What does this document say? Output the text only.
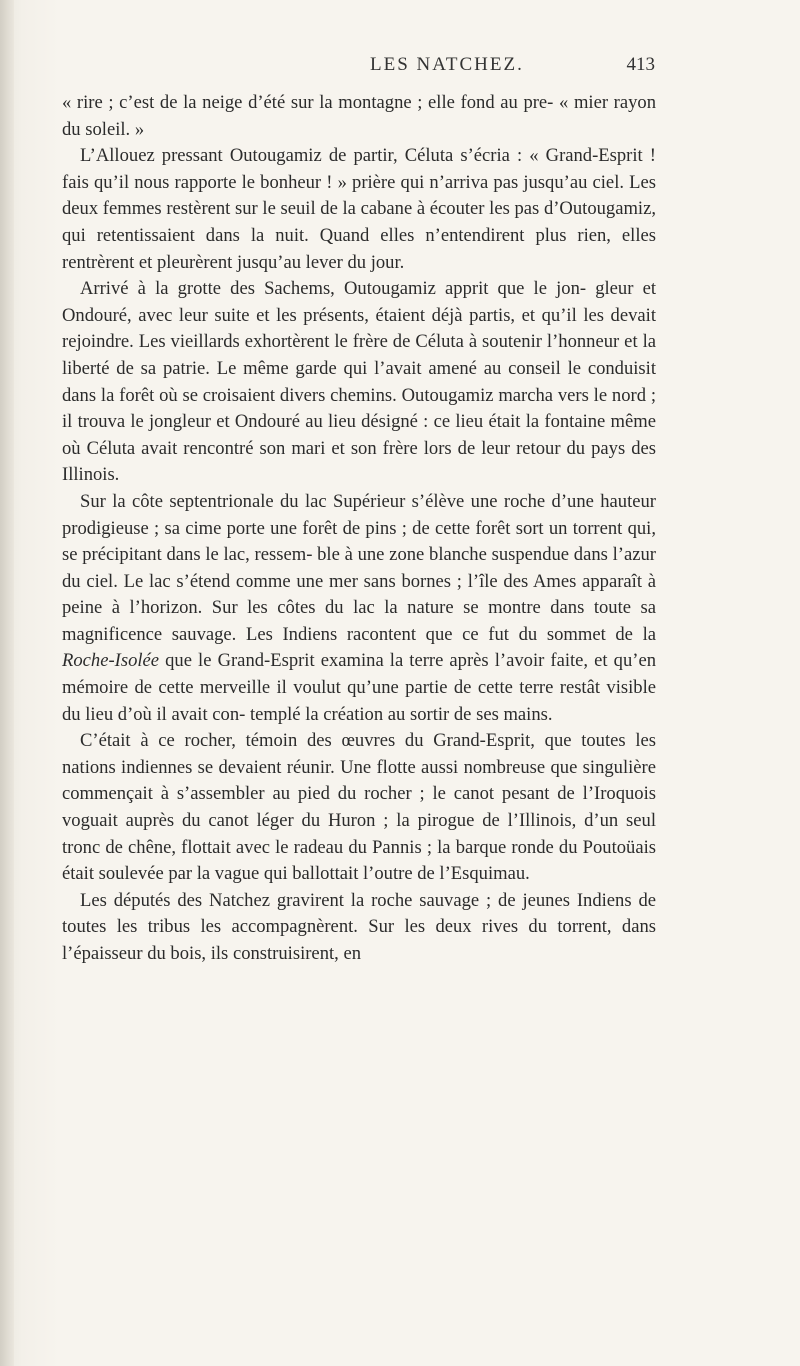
LES NATCHEZ.	413

« rire ; c’est de la neige d’été sur la montagne ; elle fond au pre- « mier rayon du soleil. »

L’Allouez pressant Outougamiz de partir, Céluta s’écria : « Grand-Esprit ! fais qu’il nous rapporte le bonheur ! » prière qui n’arriva pas jusqu’au ciel. Les deux femmes restèrent sur le seuil de la cabane à écouter les pas d’Outougamiz, qui retentissaient dans la nuit. Quand elles n’entendirent plus rien, elles rentrèrent et pleurèrent jusqu’au lever du jour.

Arrivé à la grotte des Sachems, Outougamiz apprit que le jon- gleur et Ondouré, avec leur suite et les présents, étaient déjà partis, et qu’il les devait rejoindre. Les vieillards exhortèrent le frère de Céluta à soutenir l’honneur et la liberté de sa patrie. Le même garde qui l’avait amené au conseil le conduisit dans la forêt où se croisaient divers chemins. Outougamiz marcha vers le nord ; il trouva le jongleur et Ondouré au lieu désigné : ce lieu était la fontaine même où Céluta avait rencontré son mari et son frère lors de leur retour du pays des Illinois.

Sur la côte septentrionale du lac Supérieur s’élève une roche d’une hauteur prodigieuse ; sa cime porte une forêt de pins ; de cette forêt sort un torrent qui, se précipitant dans le lac, ressem- ble à une zone blanche suspendue dans l’azur du ciel. Le lac s’étend comme une mer sans bornes ; l’île des Ames apparaît à peine à l’horizon. Sur les côtes du lac la nature se montre dans toute sa magnificence sauvage. Les Indiens racontent que ce fut du sommet de la Roche-Isolée que le Grand-Esprit examina la terre après l’avoir faite, et qu’en mémoire de cette merveille il voulut qu’une partie de cette terre restât visible du lieu d’où il avait con- templé la création au sortir de ses mains.

C’était à ce rocher, témoin des œuvres du Grand-Esprit, que toutes les nations indiennes se devaient réunir. Une flotte aussi nombreuse que singulière commençait à s’assembler au pied du rocher ; le canot pesant de l’Iroquois voguait auprès du canot léger du Huron ; la pirogue de l’Illinois, d’un seul tronc de chêne, flottait avec le radeau du Pannis ; la barque ronde du Poutoüais était soulevée par la vague qui ballottait l’outre de l’Esquimau.

Les députés des Natchez gravirent la roche sauvage ; de jeunes Indiens de toutes les tribus les accompagnèrent. Sur les deux rives du torrent, dans l’épaisseur du bois, ils construisirent, en
